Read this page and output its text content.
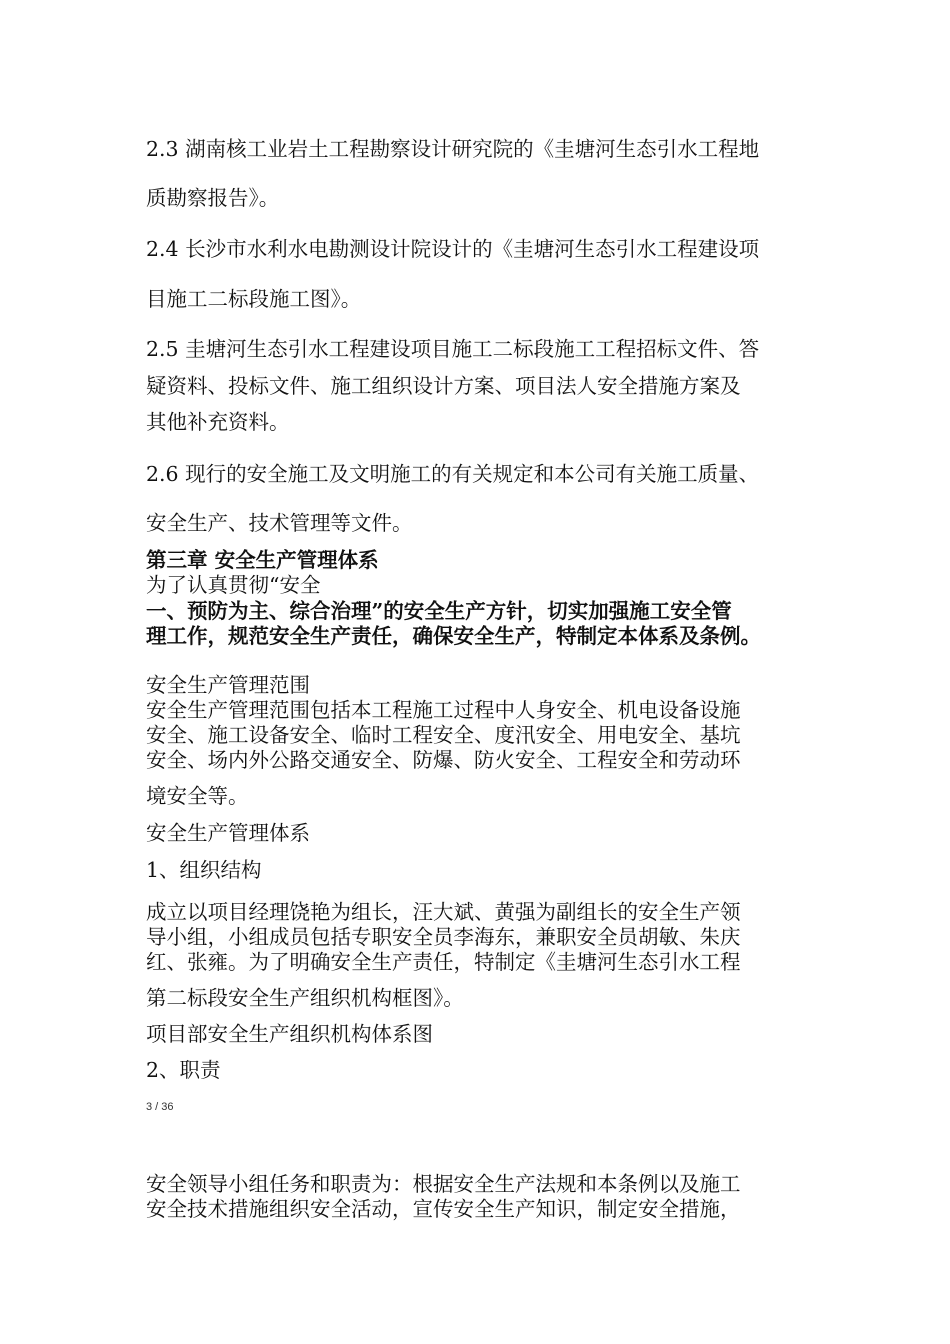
2.3 湖南核工业岩土工程勘察设计研究院的《圭塘河生态引水工程地
质勘察报告》。
2.4 长沙市水利水电勘测设计院设计的《圭塘河生态引水工程建设项
目施工二标段施工图》。
2.5 圭塘河生态引水工程建设项目施工二标段施工工程招标文件、答
疑资料、投标文件、施工组织设计方案、项目法人安全措施方案及
其他补充资料。
2.6 现行的安全施工及文明施工的有关规定和本公司有关施工质量、
安全生产、技术管理等文件。
第三章 安全生产管理体系
为了认真贯彻“安全
一、预防为主、综合治理”的安全生产方针，切实加强施工安全管
理工作，规范安全生产责任，确保安全生产，特制定本体系及条例。
安全生产管理范围
安全生产管理范围包括本工程施工过程中人身安全、机电设备设施
安全、施工设备安全、临时工程安全、度汛安全、用电安全、基坑
安全、场内外公路交通安全、防爆、防火安全、工程安全和劳动环
境安全等。
安全生产管理体系
1、组织结构
成立以项目经理饶艳为组长，汪大斌、黄强为副组长的安全生产领
导小组，小组成员包括专职安全员李海东，兼职安全员胡敏、朱庆
红、张雍。为了明确安全生产责任，特制定《圭塘河生态引水工程
第二标段安全生产组织机构框图》。
项目部安全生产组织机构体系图
2、职责
3 / 36
安全领导小组任务和职责为：根据安全生产法规和本条例以及施工
安全技术措施组织安全活动，宣传安全生产知识，制定安全措施，
